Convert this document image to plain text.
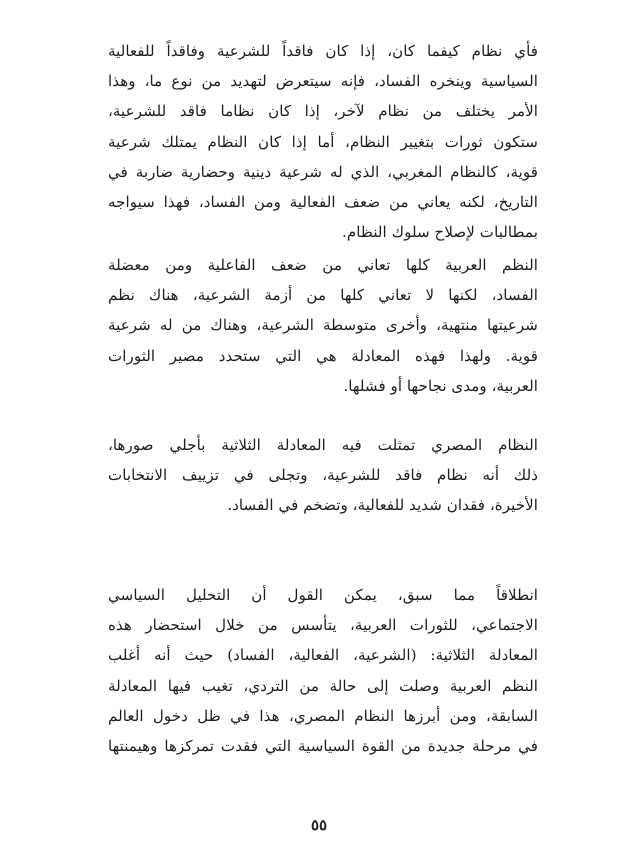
فأي نظام كيفما كان، إذا كان فاقداً للشرعية وفاقداً للفعالية
السياسية وينخره الفساد، فإنه سيتعرض لتهديد من نوع ما، وهذا
الأمر يختلف من نظام لآخر، إذا كان نظاما فاقد للشرعية،
ستكون ثورات بتغيير النظام، أما إذا كان النظام يمتلك شرعية
قوية، كالنظام المغربي، الذي له شرعية دينية وحضارية ضاربة في
التاريخ، لكنه يعاني من ضعف الفعالية ومن الفساد، فهذا سيواجه
بمطالبات لإصلاح سلوك النظام.
النظم العربية كلها تعاني من ضعف الفاعلية ومن معضلة
الفساد، لكنها لا تعاني كلها من أزمة الشرعية، هناك نظم
شرعيتها منتهية، وأخرى متوسطة الشرعية، وهناك من له شرعية
قوية. ولهذا فهذه المعادلة هي التي ستحدد مصير الثورات
العربية، ومدى نجاحها أو فشلها.
النظام المصري تمثلت فيه المعادلة الثلاثية بأجلي صورها،
ذلك أنه نظام فاقد للشرعية، وتجلى في تزييف الانتخابات
الأخيرة، فقدان شديد للفعالية، وتضخم في الفساد.
انطلاقاً مما سبق، يمكن القول أن التحليل السياسي
الاجتماعي، للثورات العربية، يتأسس من خلال استحضار هذه
المعادلة الثلاثية: (الشرعية، الفعالية، الفساد) حيث أنه أغلب
النظم العربية وصلت إلى حالة من التردي، تغيب فيها المعادلة
السابقة، ومن أبرزها النظام المصري، هذا في ظل دخول العالم
في مرحلة جديدة من القوة السياسية التي فقدت تمركزها وهيمنتها
٥٥
